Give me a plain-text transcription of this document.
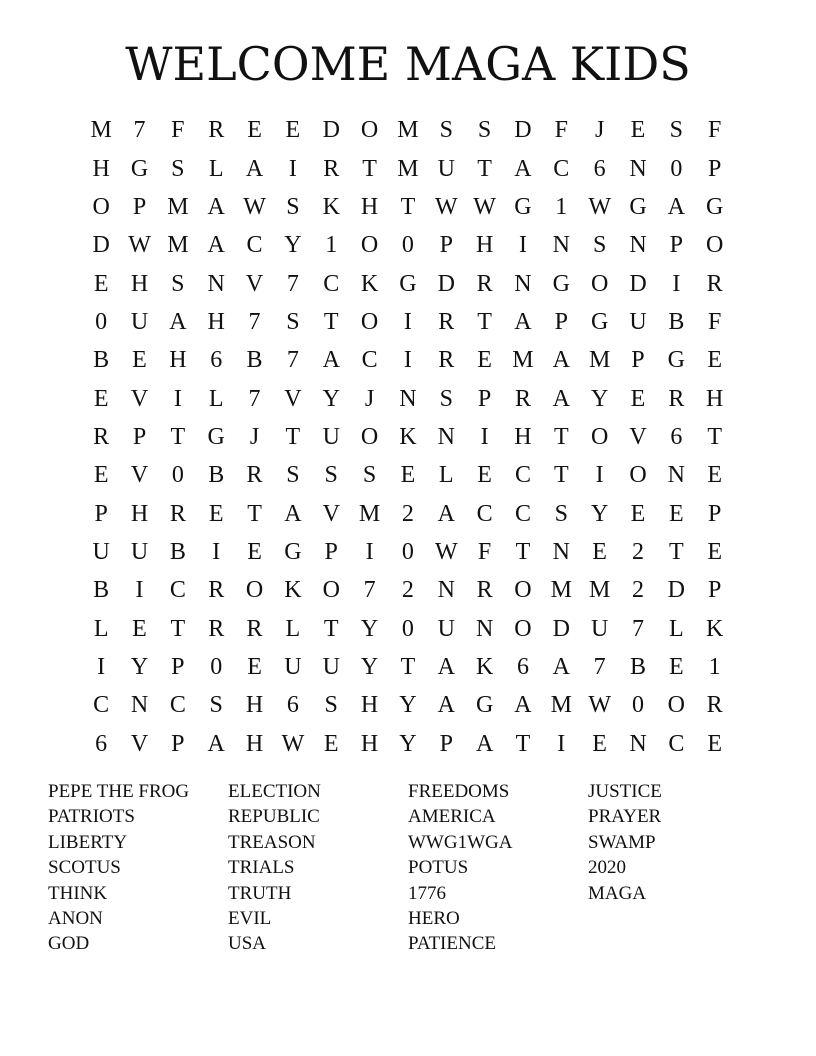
WELCOME MAGA KIDS
M 7	F R E E D O M S	S D F	J	E	S	F
H G S	L A	I	R T M U T A C	6 N 0	P
O P M A W S K H T W W G 1 W G A G
D W M A C Y 1 O 0	P H	I	N S N P O
E H S N V 7	C K G D R N G O D	I	R
0 U A H 7	S	T O	I	R T A P G U B F
B E H 6	B	7 A C	I	R E M A M P G E
E V	I	L	7 V Y	J	N S	P R A Y E R H
R P	T G	J	T U O K N	I	H T O V 6	T
E V 0	B R S	S	S	E L E C T	I	O N E
P H R E T A V M 2 A C C S Y E E	P
U U B	I	E G P	I	0 W F	T N E	2	T E
B	I	C R O K O 7	2 N R O M M 2 D P
L E T R R L T Y 0 U N O D U 7	L K
I	Y P	0	E U U Y T A K 6 A 7	B E	1
C N C S H 6	S H Y A G A M W 0 O R
6 V P A H W E H Y P A T	I	E N C E
PEPE THE FROG
PATRIOTS
LIBERTY
SCOTUS
THINK
ANON
GOD
ELECTION
REPUBLIC
TREASON
TRIALS
TRUTH
EVIL
USA
FREEDOMS
AMERICA
WWG1WGA
POTUS
1776
HERO
PATIENCE
JUSTICE
PRAYER
SWAMP
2020
MAGA
